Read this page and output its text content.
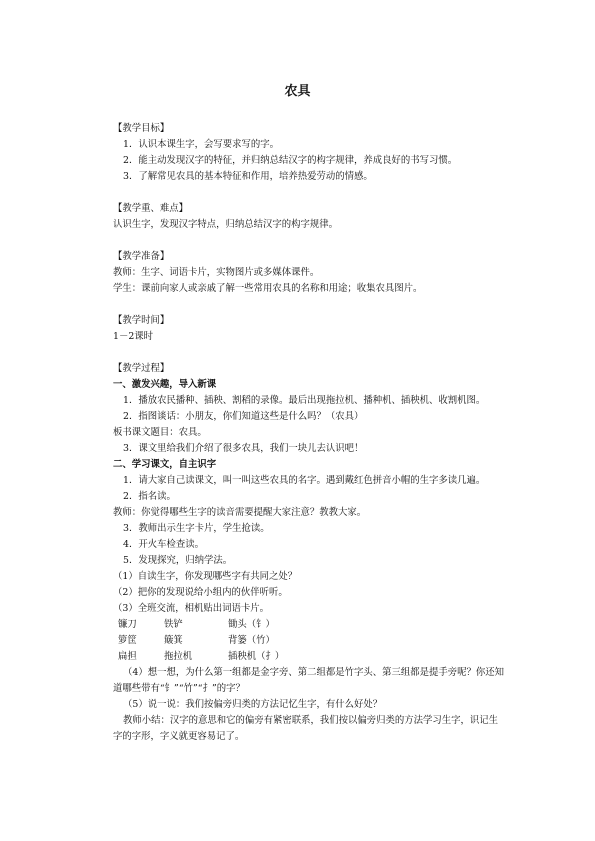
农具
【教学目标】
1．认识本课生字，会写要求写的字。
2．能主动发现汉字的特征，并归纳总结汉字的构字规律，养成良好的书写习惯。
3．了解常见农具的基本特征和作用，培养热爱劳动的情感。
【教学重、难点】
认识生字，发现汉字特点，归纳总结汉字的构字规律。
【教学准备】
教师：生字、词语卡片，实物图片或多媒体课件。
学生：课前向家人或亲戚了解一些常用农具的名称和用途；收集农具图片。
【教学时间】
1－2课时
【教学过程】
一、激发兴趣，导入新课
1．播放农民播种、插秧、割稻的录像。最后出现拖拉机、播种机、插秧机、收割机图。
2．指图谈话：小朋友，你们知道这些是什么吗？（农具）
板书课文题目：农具。
3．课文里给我们介绍了很多农具，我们一块儿去认识吧！
二、学习课文，自主识字
1．请大家自己读课文，叫一叫这些农具的名字。遇到戴红色拼音小帽的生字多读几遍。
2．指名读。
教师：你觉得哪些生字的读音需要提醒大家注意？教教大家。
3．教师出示生字卡片，学生抢读。
4．开火车检查读。
5．发现探究，归纳学法。
（1）自读生字，你发现哪些字有共同之处？
（2）把你的发现说给小组内的伙伴听听。
（3）全班交流，相机贴出词语卡片。
镰刀	铁铲	锄头（钅）
箩筐	簸箕	背篓（竹）
扁担	拖拉机	插秧机（扌）
（4）想一想，为什么第一组都是金字旁、第二组都是竹字头、第三组都是提手旁呢？你还知道哪些带有“钅”“竹”“扌”的字？
（5）说一说：我们按偏旁归类的方法记忆生字，有什么好处？
教师小结：汉字的意思和它的偏旁有紧密联系，我们按以偏旁归类的方法学习生字，识记生字的字形，字义就更容易记了。
